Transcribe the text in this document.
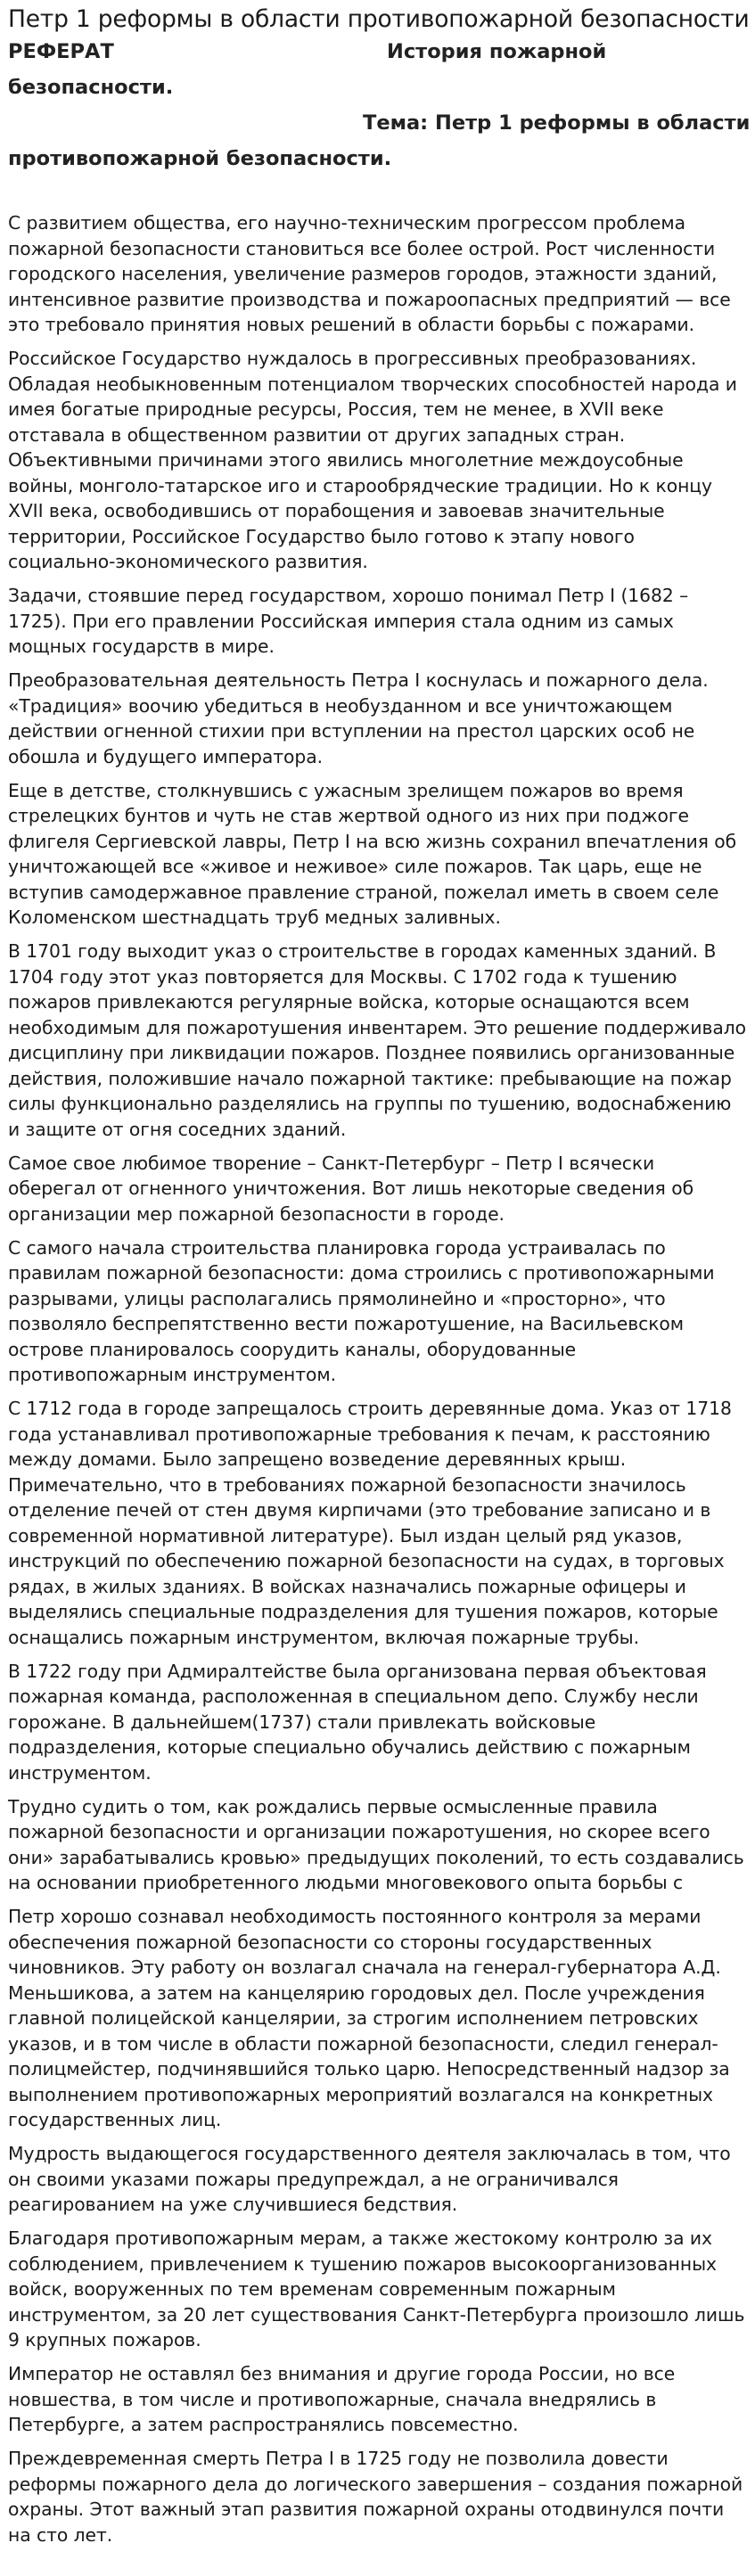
Петр 1 реформы в области противопожарной безопасности
РЕФЕРАТ	История пожарной
безопасности.
Тема: Петр 1 реформы в области
противопожарной безопасности.

С развитием общества, его научно-техническим прогрессом проблема пожарной безопасности становиться все более острой. Рост численности городского населения, увеличение размеров городов, этажности зданий, интенсивное развитие производства и пожароопасных предприятий — все это требовало принятия новых решений в области борьбы с пожарами.

Российское Государство нуждалось в прогрессивных преобразованиях. Обладая необыкновенным потенциалом творческих способностей народа и имея богатые природные ресурсы, Россия, тем не менее, в XVII веке отставала в общественном развитии от других западных стран. Объективными причинами этого явились многолетние междоусобные войны, монголо-татарское иго и старообрядческие традиции. Но к концу XVII века, освободившись от порабощения и завоевав значительные территории, Российское Государство было готово к этапу нового социально-экономического развития.

Задачи, стоявшие перед государством, хорошо понимал Петр I (1682 – 1725). При его правлении Российская империя стала одним из самых мощных государств в мире.

Преобразовательная деятельность Петра I коснулась и пожарного дела. «Традиция» воочию убедиться в необузданном и все уничтожающем действии огненной стихии при вступлении на престол царских особ не обошла и будущего императора.

Еще в детстве, столкнувшись с ужасным зрелищем пожаров во время стрелецких бунтов и чуть не став жертвой одного из них при поджоге флигеля Сергиевской лавры, Петр I на всю жизнь сохранил впечатления об уничтожающей все «живое и неживое» силе пожаров. Так царь, еще не вступив самодержавное правление страной, пожелал иметь в своем селе Коломенском шестнадцать труб медных заливных.

В 1701 году выходит указ о строительстве в городах каменных зданий. В 1704 году этот указ повторяется для Москвы. С 1702 года к тушению пожаров привлекаются регулярные войска, которые оснащаются всем необходимым для пожаротушения инвентарем. Это решение поддерживало дисциплину при ликвидации пожаров. Позднее появились организованные действия, положившие начало пожарной тактике: пребывающие на пожар силы функционально разделялись на группы по тушению, водоснабжению и защите от огня соседних зданий.

Самое свое любимое творение – Санкт-Петербург – Петр I всячески оберегал от огненного уничтожения. Вот лишь некоторые сведения об организации мер пожарной безопасности в городе.

С самого начала строительства планировка города устраивалась по правилам пожарной безопасности: дома строились с противопожарными разрывами, улицы располагались прямолинейно и «просторно», что позволяло беспрепятственно вести пожаротушение, на Васильевском острове планировалось соорудить каналы, оборудованные противопожарным инструментом.

С 1712 года в городе запрещалось строить деревянные дома. Указ от 1718 года устанавливал противопожарные требования к печам, к расстоянию между домами. Было запрещено возведение деревянных крыш. Примечательно, что в требованиях пожарной безопасности значилось отделение печей от стен двумя кирпичами (это требование записано и в современной нормативной литературе). Был издан целый ряд указов, инструкций по обеспечению пожарной безопасности на судах, в торговых рядах, в жилых зданиях. В войсках назначались пожарные офицеры и выделялись специальные подразделения для тушения пожаров, которые оснащались пожарным инструментом, включая пожарные трубы.

В 1722 году при Адмиралтействе была организована первая объектовая пожарная команда, расположенная в специальном депо. Службу несли горожане. В дальнейшем(1737) стали привлекать войсковые подразделения, которые специально обучались действию с пожарным инструментом.

Трудно судить о том, как рождались первые осмысленные правила пожарной безопасности и организации пожаротушения, но скорее всего они» зарабатывались кровью» предыдущих поколений, то есть создавались на основании приобретенного людьми многовекового опыта борьбы с

Петр хорошо сознавал необходимость постоянного контроля за мерами обеспечения пожарной безопасности со стороны государственных чиновников. Эту работу он возлагал сначала на генерал-губернатора А.Д. Меньшикова, а затем на канцелярию городовых дел. После учреждения главной полицейской канцелярии, за строгим исполнением петровских указов, и в том числе в области пожарной безопасности, следил генерал-полицмейстер, подчинявшийся только царю. Непосредственный надзор за выполнением противопожарных мероприятий возлагался на конкретных государственных лиц.

Мудрость выдающегося государственного деятеля заключалась в том, что он своими указами пожары предупреждал, а не ограничивался реагированием на уже случившиеся бедствия.

Благодаря противопожарным мерам, а также жестокому контролю за их соблюдением, привлечением к тушению пожаров высокоорганизованных войск, вооруженных по тем временам современным пожарным инструментом, за 20 лет существования Санкт-Петербурга произошло лишь 9 крупных пожаров.

Император не оставлял без внимания и другие города России, но все новшества, в том числе и противопожарные, сначала внедрялись в Петербурге, а затем распространялись повсеместно.

Преждевременная смерть Петра I в 1725 году не позволила довести реформы пожарного дела до логического завершения – создания пожарной охраны. Этот важный этап развития пожарной охраны отодвинулся почти на сто лет.
